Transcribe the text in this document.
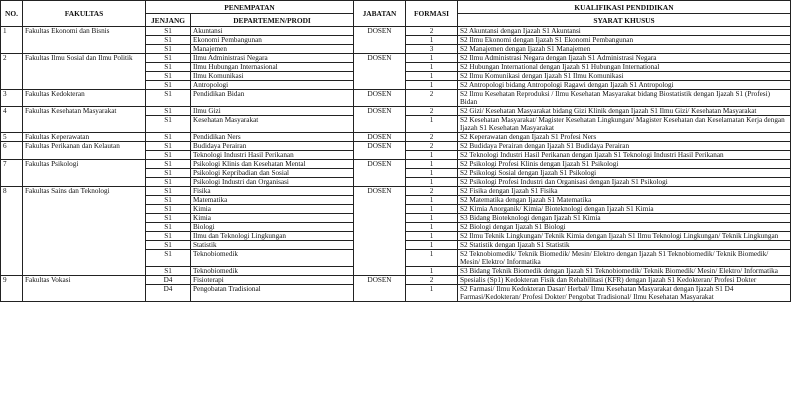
NO.	FAKULTAS	PENEMPATAN		JABATAN	FORMASI	KUALIFIKASI PENDIDIKAN
		JENJANG	DEPARTEMEN/PRODI			SYARAT KHUSUS
1	Fakultas Ekonomi dan Bisnis	S1	Akuntansi	DOSEN	2	S2 Akuntansi dengan Ijazah S1 Akuntansi
		S1	Ekonomi Pembangunan		1	S2 Ilmu Ekonomi dengan Ijazah S1 Ekonomi Pembangunan
		S1	Manajemen		3	S2 Manajemen dengan Ijazah S1 Manajemen
2	Fakultas Ilmu Sosial dan Ilmu Politik	S1	Ilmu Administrasi Negara	DOSEN	1	S2 Ilmu Administrasi Negara dengan Ijazah S1 Administrasi Negara
		S1	Ilmu Hubungan Internasional		1	S2 Hubungan International dengan Ijazah S1 Hubungan International
		S1	Ilmu Komunikasi		1	S2 Ilmu Komunikasi dengan Ijazah S1 Ilmu Komunikasi
		S1	Antropologi		1	S2 Antropologi bidang Antropologi Ragawi dengan Ijazah S1 Antropologi
3	Fakultas Kedokteran	S1	Pendidikan Bidan	DOSEN	2	S2 Ilmu Kesehatan Reproduksi / Ilmu Kesehatan Masyarakat bidang Biostatistik dengan Ijazah S1 (Profesi) Bidan
4	Fakultas Kesehatan Masyarakat	S1	Ilmu Gizi	DOSEN	2	S2 Gizi/ Kesehatan Masyarakat bidang Gizi Klinik dengan Ijazah S1 Ilmu Gizi/ Kesehatan Masyarakat
		S1	Kesehatan Masyarakat		1	S2 Kesehatan Masyarakat/ Magister Kesehatan Lingkungan/ Magister Kesehatan dan Keselamatan Kerja dengan Ijazah S1 Kesehatan Masyarakat
5	Fakultas Keperawatan	S1	Pendidikan Ners	DOSEN	2	S2 Keperawatan dengan Ijazah S1 Profesi Ners
6	Fakultas Perikanan dan Kelautan	S1	Budidaya Perairan	DOSEN	2	S2 Budidaya Perairan dengan Ijazah S1 Budidaya Perairan
		S1	Teknologi Industri Hasil Perikanan		1	S2 Teknologi Industri Hasil Perikanan dengan Ijazah S1 Teknologi Industri Hasil Perikanan
7	Fakultas Psikologi	S1	Psikologi Klinis dan Kesehatan Mental	DOSEN	1	S2 Psikologi Profesi Klinis dengan Ijazah S1 Psikologi
		S1	Psikologi Kepribadian dan Sosial		1	S2 Psikologi Sosial dengan Ijazah S1 Psikologi
		S1	Psikologi Industri dan Organisasi		1	S2 Psikologi Profesi Industri dan Organisasi dengan Ijazah S1 Psikologi
8	Fakultas Sains dan Teknologi	S1	Fisika	DOSEN	2	S2 Fisika dengan Ijazah S1 Fisika
		S1	Matematika		1	S2 Matematika dengan Ijazah S1 Matematika
		S1	Kimia		1	S2 Kimia Anorganik/ Kimia/ Bioteknologi dengan Ijazah S1 Kimia
		S1	Kimia		1	S3 Bidang Bioteknologi dengan Ijazah S1 Kimia
		S1	Biologi		1	S2 Biologi dengan Ijazah S1 Biologi
		S1	Ilmu dan Teknologi Lingkungan		1	S2 Ilmu Teknik Lingkungan/ Teknik Kimia dengan Ijazah S1 Ilmu Teknologi Lingkungan/ Teknik Lingkungan
		S1	Statistik		1	S2 Statistik dengan Ijazah S1 Statistik
		S1	Teknobiomedik		1	S2 Teknobiomedik/ Teknik Biomedik/ Mesin/ Elektro dengan Ijazah S1 Teknobiomedik/ Teknik Biomedik/ Mesin/ Elektro/ Informatika
		S1	Teknobiomedik		1	S3 Bidang Teknik Biomedik dengan Ijazah S1 Teknobiomedik/ Teknik Biomedik/ Mesin/ Elektro/ Informatika
9	Fakultas Vokasi	D4	Fisioterapi	DOSEN	2	Spesialis (Sp1) Kedokteran Fisik dan Rehabilitasi (KFR) dengan Ijazah S1 Kedokteran/ Profesi Dokter
		D4	Pengobatan Tradisional		1	S2 Farmasi/ Ilmu Kedokteran Dasar/ Herbal/ Ilmu Kesehatan Masyarakat dengan Ijazah S1 D4 Farmasi/Kedokteran/ Profesi Dokter/ Pengobat Tradisional/ Ilmu Kesehatan Masyarakat
